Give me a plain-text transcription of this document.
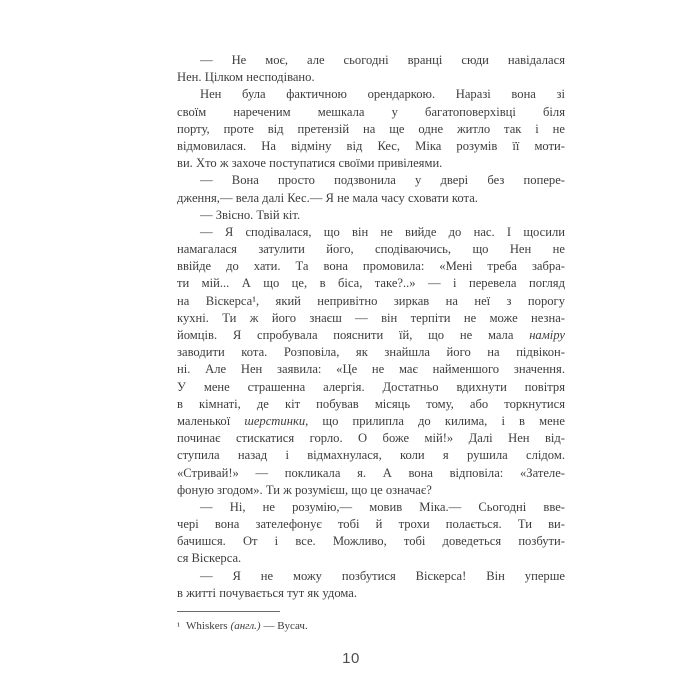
— Не моє, але сьогодні вранці сюди навідалася
Нен. Цілком несподівано.
Нен була фактичною орендаркою. Наразі вона зі
своїм нареченим мешкала у багатоповерхівці біля
порту, проте від претензій на ще одне житло так і не
відмовилася. На відміну від Кес, Міка розумів її моти-
ви. Хто ж захоче поступатися своїми привілеями.
— Вона просто подзвонила у двері без попере-
дження,— вела далі Кес.— Я не мала часу сховати кота.
— Звісно. Твій кіт.
— Я сподівалася, що він не вийде до нас. І щосили
намагалася затулити його, сподіваючись, що Нен не
ввійде до хати. Та вона промовила: «Мені треба забра-
ти мій... А що це, в біса, таке?..» — і перевела погляд
на Віскерса¹, який непривітно зиркав на неї з порогу
кухні. Ти ж його знаєш — він терпіти не може незна-
йомців. Я спробувала пояснити їй, що не мала наміру
заводити кота. Розповіла, як знайшла його на підвікон-
ні. Але Нен заявила: «Це не має найменшого значення.
У мене страшенна алергія. Достатньо вдихнути повітря
в кімнаті, де кіт побував місяць тому, або торкнутися
маленької шерстинки, що прилипла до килима, і в мене
починає стискатися горло. О боже мій!» Далі Нен від-
ступила назад і відмахнулася, коли я рушила слідом.
«Стривай!» — покликала я. А вона відповіла: «Зателе-
фоную згодом». Ти ж розумієш, що це означає?
— Ні, не розумію,— мовив Міка.— Сьогодні вве-
чері вона зателефонує тобі й трохи полається. Ти ви-
бачишся. От і все. Можливо, тобі доведеться позбути-
ся Віскерса.
— Я не можу позбутися Віскерса! Він уперше
в житті почувається тут як удома.
¹ Whiskers (англ.) — Вусач.
10
